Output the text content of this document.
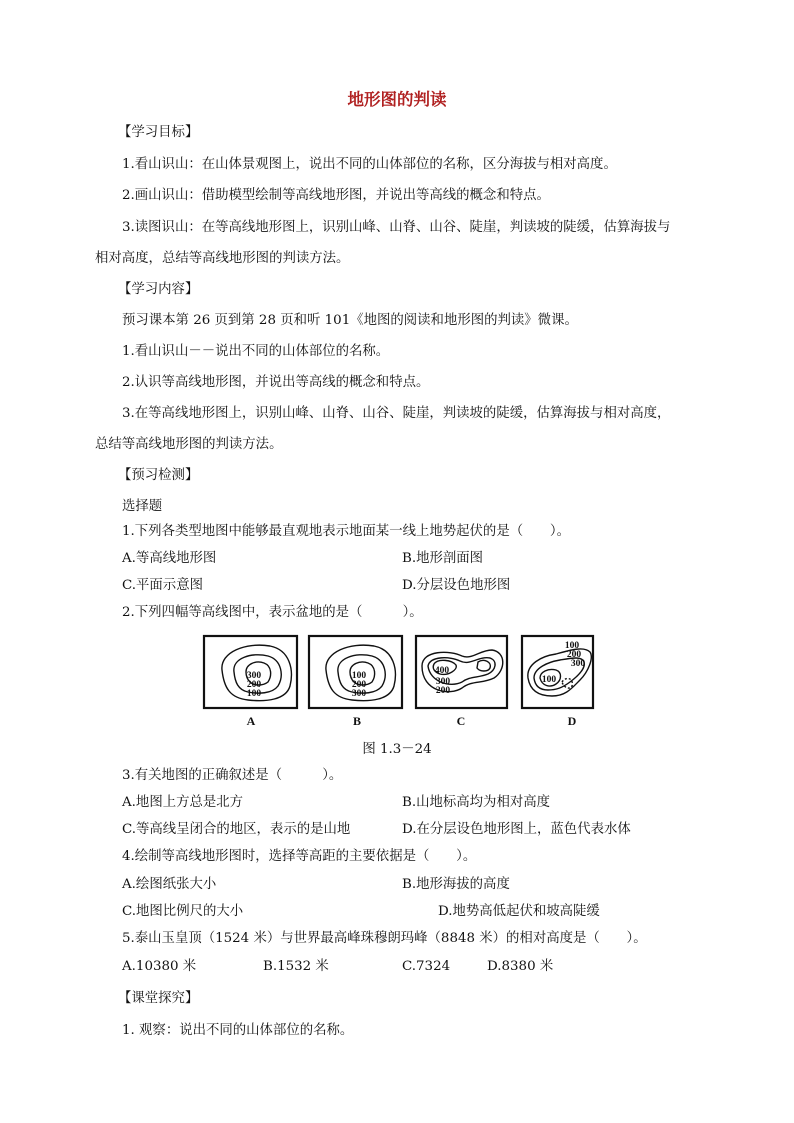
地形图的判读
【学习目标】
1.看山识山：在山体景观图上，说出不同的山体部位的名称，区分海拔与相对高度。
2.画山识山：借助模型绘制等高线地形图，并说出等高线的概念和特点。
3.读图识山：在等高线地形图上，识别山峰、山脊、山谷、陡崖，判读坡的陡缓，估算海拔与
相对高度，总结等高线地形图的判读方法。
【学习内容】
预习课本第 26 页到第 28 页和听 101《地图的阅读和地形图的判读》微课。
1.看山识山－－说出不同的山体部位的名称。
2.认识等高线地形图，并说出等高线的概念和特点。
3.在等高线地形图上，识别山峰、山脊、山谷、陡崖，判读坡的陡缓，估算海拔与相对高度，
总结等高线地形图的判读方法。
【预习检测】
选择题
1.下列各类型地图中能够最直观地表示地面某一线上地势起伏的是（　　）。
A.等高线地形图	B.地形剖面图
C.平面示意图	D.分层设色地形图
2.下列四幅等高线图中，表示盆地的是（　　　）。
300
200
100
100
200
300
400
300
200
100
200
300
100
A	B	C	D
图 1.3－24
3.有关地图的正确叙述是（　　　）。
A.地图上方总是北方	B.山地标高均为相对高度
C.等高线呈闭合的地区，表示的是山地	D.在分层设色地形图上，蓝色代表水体
4.绘制等高线地形图时，选择等高距的主要依据是（　　）。
A.绘图纸张大小	B.地形海拔的高度
C.地图比例尺的大小	D.地势高低起伏和坡高陡缓
5.泰山玉皇顶（1524 米）与世界最高峰珠穆朗玛峰（8848 米）的相对高度是（　　）。
A.10380 米	B.1532 米	C.7324	D.8380 米
【课堂探究】
1. 观察：说出不同的山体部位的名称。
